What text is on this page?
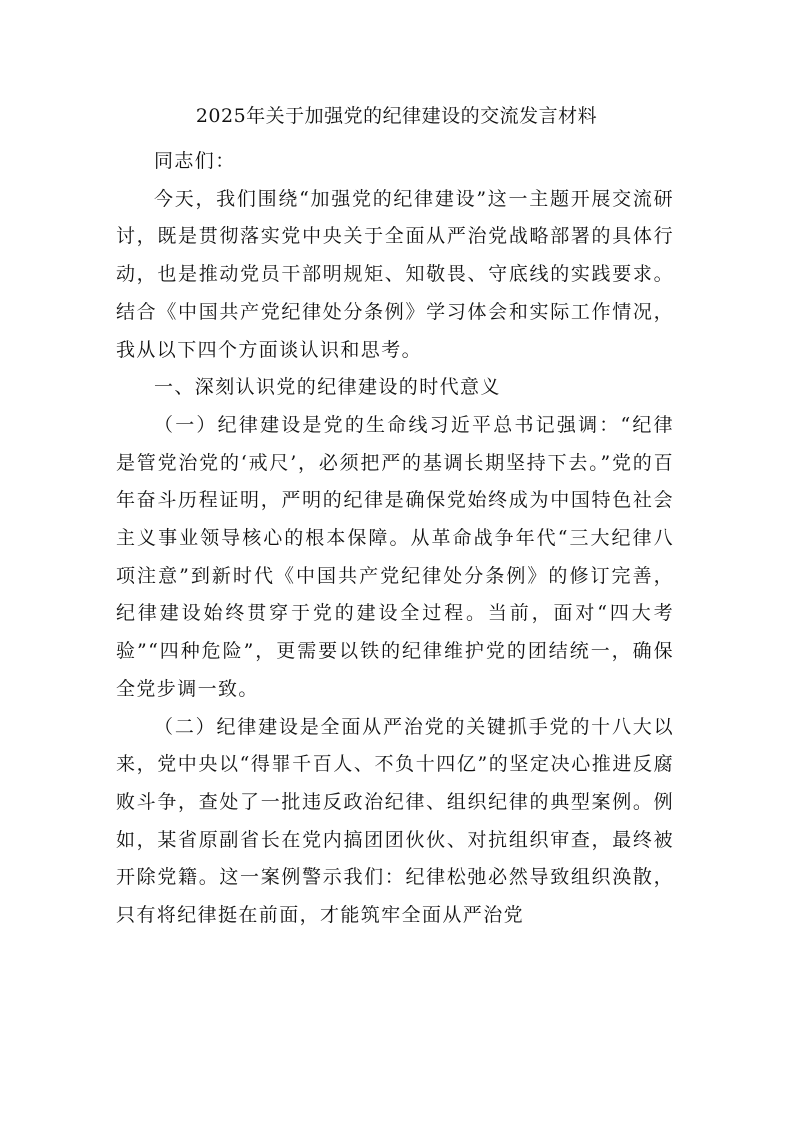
2025年关于加强党的纪律建设的交流发言材料

同志们：

今天，我们围绕“加强党的纪律建设”这一主题开展交流研讨，既是贯彻落实党中央关于全面从严治党战略部署的具体行动，也是推动党员干部明规矩、知敬畏、守底线的实践要求。结合《中国共产党纪律处分条例》学习体会和实际工作情况，我从以下四个方面谈认识和思考。

一、深刻认识党的纪律建设的时代意义

（一）纪律建设是党的生命线习近平总书记强调：“纪律是管党治党的‘戒尺’，必须把严的基调长期坚持下去。”党的百年奋斗历程证明，严明的纪律是确保党始终成为中国特色社会主义事业领导核心的根本保障。从革命战争年代“三大纪律八项注意”到新时代《中国共产党纪律处分条例》的修订完善，纪律建设始终贯穿于党的建设全过程。当前，面对“四大考验”“四种危险”，更需要以铁的纪律维护党的团结统一，确保全党步调一致。

（二）纪律建设是全面从严治党的关键抓手党的十八大以来，党中央以“得罪千百人、不负十四亿”的坚定决心推进反腐败斗争，查处了一批违反政治纪律、组织纪律的典型案例。例如，某省原副省长在党内搞团团伙伙、对抗组织审查，最终被开除党籍。这一案例警示我们：纪律松弛必然导致组织涣散，只有将纪律挺在前面，才能筑牢全面从严治党
